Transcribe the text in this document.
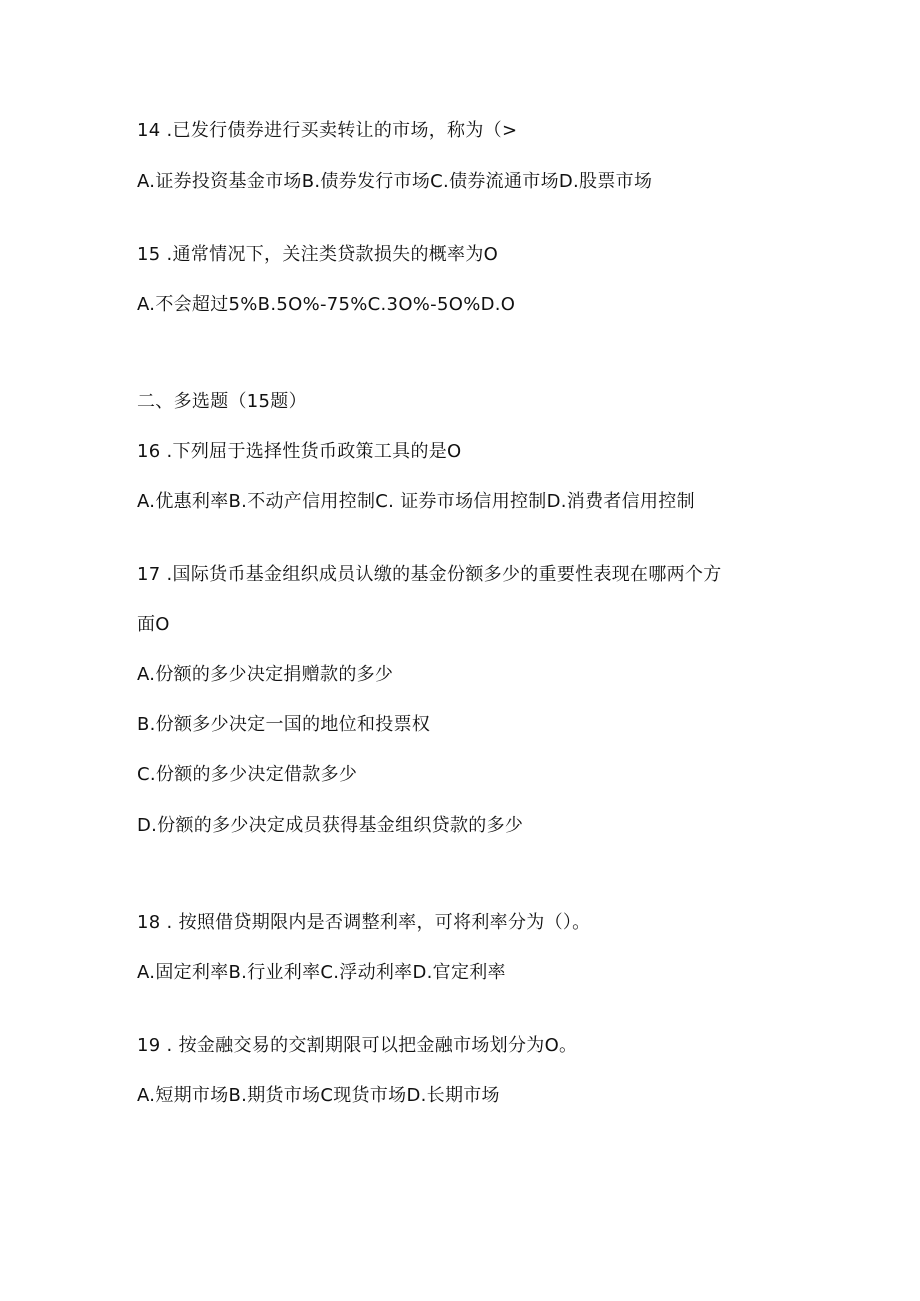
14 .已发行债券进行买卖转让的市场，称为（>
A.证券投资基金市场B.债券发行市场C.债券流通市场D.股票市场
15 .通常情况下，关注类贷款损失的概率为O
A.不会超过5%B.5O%-75%C.3O%-5O%D.O
二、多选题（15题）
16 .下列屈于选择性货币政策工具的是O
A.优惠利率B.不动产信用控制C. 证券市场信用控制D.消费者信用控制
17 .国际货币基金组织成员认缴的基金份额多少的重要性表现在哪两个方
面O
A.份额的多少决定捐赠款的多少
B.份额多少决定一国的地位和投票权
C.份额的多少决定借款多少
D.份额的多少决定成员获得基金组织贷款的多少
18 . 按照借贷期限内是否调整利率，可将利率分为（）。
A.固定利率B.行业利率C.浮动利率D.官定利率
19 . 按金融交易的交割期限可以把金融市场划分为O。
A.短期市场B.期货市场C现货市场D.长期市场
